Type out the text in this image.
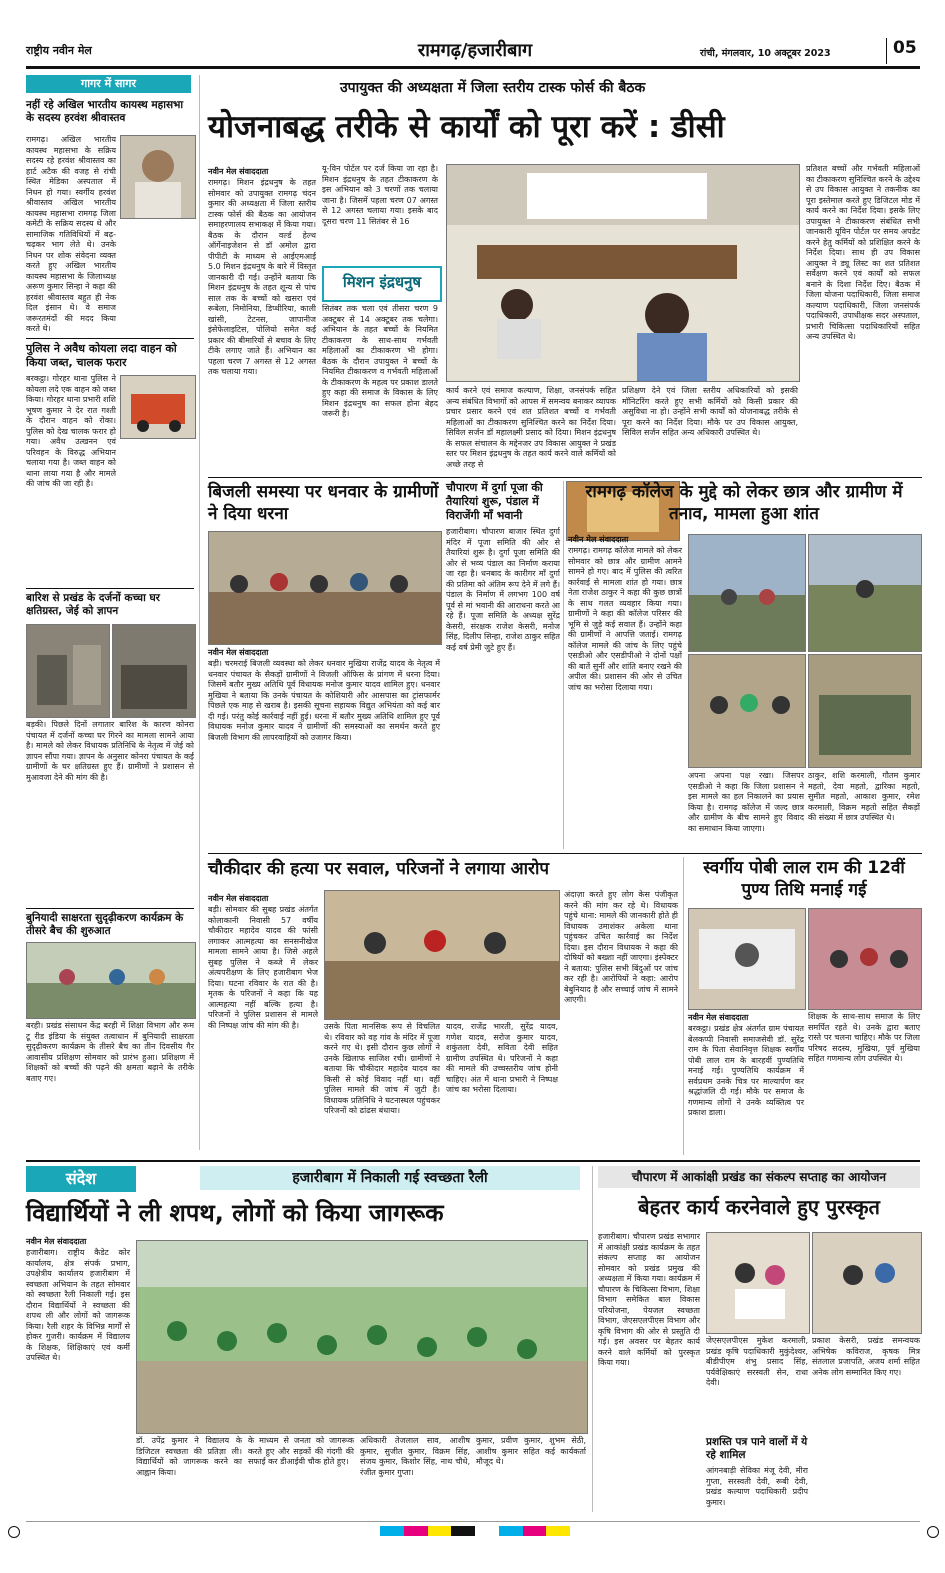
राष्ट्रीय नवीन मेल	रामगढ़/हजारीबाग	रांची, मंगलवार, 10 अक्टूबर 2023	05
गागर में सागर
नहीं रहे अखिल भारतीय कायस्थ महासभा के सदस्य हरवंश श्रीवास्तव
रामगढ़। अखिल भारतीय कायस्थ महासभा के सक्रिय सदस्य रहे हरवंश श्रीवास्तव का हार्ट अटैक की वजह से रांची स्थित मेडिका अस्पताल में निधन हो गया। स्वर्गीय हरवंश श्रीवास्तव अखिल भारतीय कायस्थ महासभा रामगढ़ जिला कमेटी के सक्रिय सदस्य थे और सामाजिक गतिविधियों में बढ़-चढ़कर भाग लेते थे। उनके निधन पर शोक संवेदना व्यक्त करते हुए अखिल भारतीय कायस्थ महासभा के जिलाध्यक्ष अरूण कुमार सिन्हा ने कहा की हरवंश श्रीवास्तव बहुत ही नेक दिल इंसान थे। वे समाज जरूरतमंदों की मदद किया करते थे।
पुलिस ने अवैध कोयला लदा वाहन को किया जब्त, चालक फरार
बरकट्ठा। गोरहर थाना पुलिस ने कोयला लदे एक वाहन को जब्त किया। गोरहर थाना प्रभारी शशि भूषण कुमार ने देर रात गश्ती के दौरान वाहन को रोका। पुलिस को देख चालक फरार हो गया। अवैध उत्खनन एवं परिवहन के विरुद्ध अभियान चलाया गया है। जब्त वाहन को थाना लाया गया है और मामले की जांच की जा रही है।
बारिश से प्रखंड के दर्जनों कच्चा घर क्षतिग्रस्त, जेई को ज्ञापन
बड़की। पिछले दिनों लगातार बारिश के कारण कोनरा पंचायत में दर्जनों कच्चा घर गिरने का मामला सामने आया है। मामले को लेकर विधायक प्रतिनिधि के नेतृत्व में जेई को ज्ञापन सौंपा गया। ज्ञापन के अनुसार कोनरा पंचायत के कई ग्रामीणों के घर क्षतिग्रस्त हुए हैं। ग्रामीणों ने प्रशासन से मुआवजा देने की मांग की है।
बुनियादी साक्षरता सुदृढ़ीकरण कार्यक्रम के तीसरे बैच की शुरुआत
बरही। प्रखंड संसाधन केंद्र बरही में शिक्षा विभाग और रूम टू रीड इंडिया के संयुक्त तत्वाधान में बुनियादी साक्षरता सुदृढ़ीकरण कार्यक्रम के तीसरे बैच का तीन दिवसीय गैर आवासीय प्रशिक्षण सोमवार को प्रारंभ हुआ। प्रशिक्षण में शिक्षकों को बच्चों की पढ़ने की क्षमता बढ़ाने के तरीके बताए गए।
उपायुक्त की अध्यक्षता में जिला स्तरीय टास्क फोर्स की बैठक
योजनाबद्ध तरीके से कार्यों को पूरा करें : डीसी
नवीन मेल संवाददाता
रामगढ़। मिशन इंद्रधनुष के तहत सोमवार को उपायुक्त रामगढ़ चंदन कुमार की अध्यक्षता में जिला स्तरीय टास्क फोर्स की बैठक का आयोजन समाहरणालय सभाकक्ष में किया गया। बैठक के दौरान वर्ल्ड हेल्थ ऑर्गेनाइजेशन से डॉ अमोल द्वारा पीपीटी के माध्यम से आईएमआई 5.0 मिशन इंद्रधनुष के बारे में विस्तृत जानकारी दी गई। उन्होंने बताया कि मिशन इंद्रधनुष के तहत शून्य से पांच साल तक के बच्चों को खसरा एवं रूबेला, निमोनिया, डिप्थीरिया, काली खांसी, टेटनस, जापानीज इंसेफेलाइटिस, पोलियो समेत कई प्रकार की बीमारियों से बचाव के लिए टीके लगाए जाते हैं। अभियान का पहला चरण 7 अगस्त से 12 अगस्त तक चलाया गया।
यू-विन पोर्टल पर दर्ज किया जा रहा है। मिशन इंद्रधनुष के तहत टीकाकरण के इस अभियान को 3 चरणों तक चलाया जाना है। जिसमें पहला चरण 07 अगस्त से 12 अगस्त चलाया गया। इसके बाद दूसरा चरण 11 सितंबर से 16
मिशन इंद्रधनुष
सितंबर तक चला एवं तीसरा चरण 9 अक्टूबर से 14 अक्टूबर तक चलेगा। अभियान के तहत बच्चों के नियमित टीकाकरण के साथ-साथ गर्भवती महिलाओं का टीकाकरण भी होगा। बैठक के दौरान उपायुक्त ने बच्चों के नियमित टीकाकरण व गर्भवती महिलाओं के टीकाकरण के महत्व पर प्रकाश डालते हुए कहा की समाज के विकास के लिए मिशन इंद्रधनुष का सफल होना बेहद जरूरी है।
कार्य करने एवं समाज कल्याण, शिक्षा, जनसंपर्क सहित अन्य संबंधित विभागों को आपस में समन्वय बनाकर व्यापक प्रचार प्रसार करने एवं शत प्रतिशत बच्चों व गर्भवती महिलाओं का टीकाकरण सुनिश्चित करने का निर्देश दिया। सिविल सर्जन डॉ महालक्ष्मी प्रसाद को दिया। मिशन इंद्रधनुष के सफल संचालन के मद्देनजर उप विकास आयुक्त ने प्रखंड स्तर पर मिशन इंद्रधनुष के तहत कार्य करने वाले कर्मियों को अच्छे तरह से
प्रशिक्षण देने एवं जिला स्तरीय अधिकारियों को इसकी मॉनिटरिंग करते हुए सभी कर्मियों को किसी प्रकार की असुविधा ना हो। उन्होंने सभी कार्यों को योजनाबद्ध तरीके से पूरा करने का निर्देश दिया। मौके पर उप विकास आयुक्त, सिविल सर्जन सहित अन्य अधिकारी उपस्थित थे।
प्रतिशत बच्चों और गर्भवती महिलाओं का टीकाकरण सुनिश्चित करने के उद्देश्य से उप विकास आयुक्त ने तकनीक का पूरा इस्तेमाल करते हुए डिजिटल मोड में कार्य करने का निर्देश दिया। इसके लिए उपायुक्त ने टीकाकरण संबंधित सभी जानकारी यूविन पोर्टल पर समय अपडेट करने हेतु कर्मियों को प्रशिक्षित करने के निर्देश दिया। साथ ही उप विकास आयुक्त ने ड्यू लिस्ट का शत प्रतिशत सर्वेक्षण करने एवं कार्यों को सफल बनाने के दिशा निर्देश दिए। बैठक में जिला योजना पदाधिकारी, जिला समाज कल्याण पदाधिकारी, जिला जनसंपर्क पदाधिकारी, उपाधीक्षक सदर अस्पताल, प्रभारी चिकित्सा पदाधिकारियों सहित अन्य उपस्थित थे।
बिजली समस्या पर धनवार के ग्रामीणों ने दिया धरना
नवीन मेल संवाददाता
बड़ी। चरमराई बिजली व्यवस्था को लेकर धनवार मुखिया राजेंद्र यादव के नेतृत्व में धनवार पंचायत के सैकड़ों ग्रामीणों ने विजली ऑफिस के प्रांगण में धरना दिया। जिसमें बतौर मुख्य अतिथि पूर्व विधायक मनोज कुमार यादव शामिल हुए। धनवार मुखिया ने बताया कि उनके पंचायत के कोशियारी और आसपास का ट्रांसफार्मर पिछले एक माह से खराब है। इसकी सूचना सहायक विद्युत अभियंता को कई बार दी गई। परंतु कोई कार्रवाई नहीं हुई। धरना में बतौर मुख्य अतिथि शामिल हुए पूर्व विधायक मनोज कुमार यादव ने ग्रामीणों की समस्याओं का समर्थन करते हुए बिजली विभाग की लापरवाहियों को उजागर किया।
चौपारण में दुर्गा पूजा की तैयारियां शुरू, पंडाल में विराजेंगी माँ भवानी
हजारीबाग। चौपारण बाजार स्थित दुर्गा मंदिर में पूजा समिति की ओर से तैयारियां शुरू है। दुर्गा पूजा समिति की ओर से भव्य पंडाल का निर्माण कराया जा रहा है। धनबाद के कारीगर माँ दुर्गा की प्रतिमा को अंतिम रूप देने में लगे हैं। पंडाल के निर्माण में लगभग 100 वर्ष पूर्व से मां भवानी की आराधना करते आ रहे हैं। पूजा समिति के अध्यक्ष सुरेंद्र केसरी, संरक्षक राजेश केसरी, मनोज सिंह, दिलीप सिन्हा, राजेश ठाकुर सहित कई वर्ष प्रेमी जुटे हुए हैं।
रामगढ़ कॉलेज के मुद्दे को लेकर छात्र और ग्रामीण में तनाव, मामला हुआ शांत
नवीन मेल संवाददाता
रामगढ़। रामगढ़ कॉलेज मामले को लेकर सोमवार को छात्र और ग्रामीण आमने सामने हो गए। बाद में पुलिस की त्वरित कार्रवाई से मामला शांत हो गया। छात्र नेता राजेश ठाकुर ने कहा की कुछ छात्रों के साथ गलत व्यवहार किया गया। ग्रामीणों ने कहा की कॉलेज परिसर की भूमि से जुड़े कई सवाल हैं। उन्होंने कहा की ग्रामीणों ने आपत्ति जताई। रामगढ़ कॉलेज मामले की जांच के लिए पहुंचे एसडीओ और एसडीपीओ ने दोनों पक्षों की बातें सुनीं और शांति बनाए रखने की अपील की। प्रशासन की ओर से उचित जांच का भरोसा दिलाया गया।
अपना अपना पक्ष रखा। जिसपर एसडीओ ने कहा कि जिला प्रशासन ने इस मामले का हल निकालने का प्रयास किया है। रामगढ़ कॉलेज में जल्द छात्र और ग्रामीण के बीच सामने हुए विवाद का समाधान किया जाएगा।
ठाकुर, शशि करमाली, गौतम कुमार महतो, देवा महतो, द्वारिका महतो, सुमीत महतो, आकाश कुमार, रमेश करमाली, विक्रम महतो सहित सैकड़ों की संख्या में छात्र उपस्थित थे।
चौकीदार की हत्या पर सवाल, परिजनों ने लगाया आरोप
नवीन मेल संवाददाता
बड़ी। सोमवार की सुबह प्रखंड अंतर्गत कोलाकानी निवासी 57 वर्षीय चौकीदार महादेव यादव की फांसी लगाकर आत्महत्या का सनसनीखेज मामला सामने आया है। जिसे अहले सुबह पुलिस ने कब्जे में लेकर अंत्यपरीक्षण के लिए हजारीबाग भेज दिया। घटना रविवार के रात की है। मृतक के परिजनों ने कहा कि यह आत्महत्या नहीं बल्कि हत्या है। परिजनों ने पुलिस प्रशासन से मामले की निष्पक्ष जांच की मांग की है।	उसके पिता मानसिक रूप से विचलित थे। रविवार को वह गांव के मंदिर में पूजा करने गए थे। इसी दौरान कुछ लोगों ने उनके खिलाफ साजिश रची। ग्रामीणों ने बताया कि चौकीदार महादेव यादव का किसी से कोई विवाद नहीं था। वहीं पुलिस मामले की जांच में जुटी है। विधायक प्रतिनिधि ने घटनास्थल पहुंचकर परिजनों को ढांढस बंधाया।
यादव, राजेंद्र भारती, सुरेंद्र यादव, गणेश यादव, सरोज कुमार यादव, शकुंतला देवी, सविता देवी सहित ग्रामीण उपस्थित थे। परिजनों ने कहा की मामले की उच्चस्तरीय जांच होनी चाहिए। अंत में थाना प्रभारी ने निष्पक्ष जांच का भरोसा दिलाया।
अंदाज़ा करते हुए लोग केस पंजीकृत करने की मांग कर रहे थे। विधायक पहुंचे थाना: मामले की जानकारी होते ही विधायक उमाशंकर अकेला थाना पहुंचकर उचित कार्रवाई का निर्देश दिया। इस दौरान विधायक ने कहा की दोषियों को बख्शा नहीं जाएगा। इंस्पेक्टर ने बताया: पुलिस सभी बिंदुओं पर जांच कर रही है। आरोपियों ने कहा: आरोप बेबुनियाद है और सच्चाई जांच में सामने आएगी।
स्वर्गीय पोबी लाल राम की 12वीं पुण्य तिथि मनाई गई
नवीन मेल संवाददाता
बरकट्ठा। प्रखंड क्षेत्र अंतर्गत ग्राम पंचायत बेलकप्पी निवासी समाजसेवी डॉ. सुरेंद्र राम के पिता सेवानिवृत्त शिक्षक स्वर्गीय पोबी लाल राम के बारहवीं पुण्यतिथि मनाई गई। पुण्यतिथि कार्यक्रम में सर्वप्रथम उनके चित्र पर माल्यार्पण कर श्रद्धांजलि दी गई। मौके पर समाज के गणमान्य लोगों ने उनके व्यक्तित्व पर प्रकाश डाला।
शिक्षक के साथ-साथ समाज के लिए समर्पित रहते थे। उनके द्वारा बताए रास्ते पर चलना चाहिए। मौके पर जिला परिषद सदस्य, मुखिया, पूर्व मुखिया सहित गणमान्य लोग उपस्थित थे।
संदेश	हजारीबाग में निकाली गई स्वच्छता रैली
विद्यार्थियों ने ली शपथ, लोगों को किया जागरूक
नवीन मेल संवाददाता
हजारीबाग। राष्ट्रीय कैडेट कोर कार्यालय, क्षेत्र संपर्क प्रभाग, उपक्षेत्रीय कार्यालय हजारीबाग में स्वच्छता अभियान के तहत सोमवार को स्वच्छता रैली निकाली गई। इस दौरान विद्यार्थियों ने स्वच्छता की शपथ ली और लोगों को जागरूक किया। रैली शहर के विभिन्न मार्गों से होकर गुजरी। कार्यक्रम में विद्यालय के शिक्षक, शिक्षिकाएं एवं कर्मी उपस्थित थे।
डॉ. उपेंद्र कुमार ने विद्यालय के डिजिटल स्वच्छता की प्रतिज्ञा ली। विद्यार्थियों को जागरूक करने का आह्वान किया।
के माध्यम से जनता को जागरूक करते हुए और सड़कों की गंदगी की सफाई कर डीआईवी चौक होते हुए।
अधिकारी तेजलाल साव, आशीष कुमार, सुजीत कुमार, विक्रम सिंह, संजय कुमार, किशोर सिंह, नाथ चौधे, रंजीत कुमार गुप्ता।
कुमार, प्रवीण कुमार, शुभम सेठी, आशीष कुमार सहित कई कार्यकर्ता मौजूद थे।
चौपारण में आकांक्षी प्रखंड का संकल्प सप्ताह का आयोजन
बेहतर कार्य करनेवाले हुए पुरस्कृत
हजारीबाग। चौपारण प्रखंड सभागार में आकांक्षी प्रखंड कार्यक्रम के तहत संकल्प सप्ताह का आयोजन सोमवार को प्रखंड प्रमुख की अध्यक्षता में किया गया। कार्यक्रम में चौपारण के चिकित्सा विभाग, शिक्षा विभाग समेकित बाल विकास परियोजना, पेयजल स्वच्छता विभाग, जेएसएलपीएस विभाग और कृषि विभाग की ओर से प्रस्तुति दी गई। इस अवसर पर बेहतर कार्य करने वाले कर्मियों को पुरस्कृत किया गया।
प्रशस्ति पत्र पाने वालों में ये रहे शामिल
आंगनबाड़ी सेविका मंजू देवी, मीरा गुप्ता, सरस्वती देवी, रूबी देवी, प्रखंड कल्याण पदाधिकारी प्रदीप कुमार।
जेएसएलपीएस मुकेश करमाली, प्रखंड कृषि पदाधिकारी मुकुंदेश्वर, बीडीपीएम शंभु प्रसाद सिंह, पर्यवेक्षिकाएं सरस्वती सेन, राधा देवी।
प्रकाश केसरी, प्रखंड समन्वयक अभिषेक कविराज, कृषक मित्र संतलाल प्रजापति, अजय शर्मा सहित अनेक लोग सम्मानित किए गए।
